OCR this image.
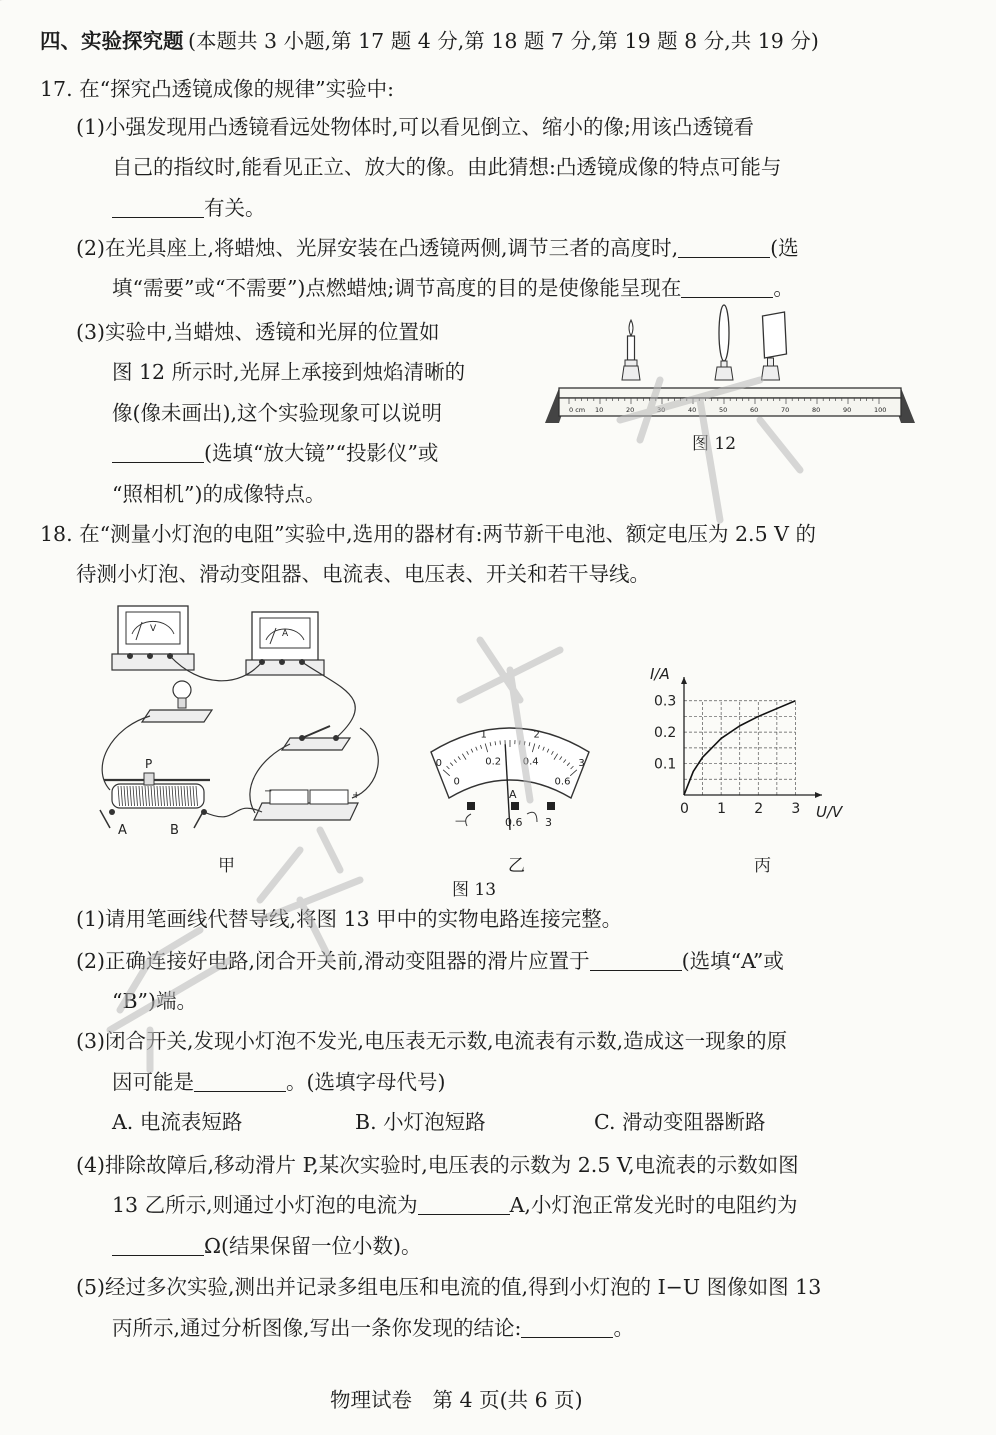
四、实验探究题 (本题共 3 小题,第 17 题 4 分,第 18 题 7 分,第 19 题 8 分,共 19 分)
17. 在“探究凸透镜成像的规律”实验中:
(1)小强发现用凸透镜看远处物体时,可以看见倒立、缩小的像;用该凸透镜看
自己的指纹时,能看见正立、放大的像。由此猜想:凸透镜成像的特点可能与
有关。
(2)在光具座上,将蜡烛、光屏安装在凸透镜两侧,调节三者的高度时,	(选
填“需要”或“不需要”)点燃蜡烛;调节高度的目的是使像能呈现在	。
(3)实验中,当蜡烛、透镜和光屏的位置如
图 12 所示时,光屏上承接到烛焰清晰的
像(像未画出),这个实验现象可以说明
(选填“放大镜”“投影仪”或
“照相机”)的成像特点。
0 cm 10	20	30	40	50	60	70	80	90	100
图 12
18. 在“测量小灯泡的电阻”实验中,选用的器材有:两节新干电池、额定电压为 2.5 V 的
待测小灯泡、滑动变阻器、电流表、电压表、开关和若干导线。
V	A
−	+
P
A	B
0
1	2
3
0
0.2 0.4
0.6
—	0.6 3
A
0 1 2 3
0.1
0.2
0.3
U/V
I/A
甲	乙	丙
图 13
(1)请用笔画线代替导线,将图 13 甲中的实物电路连接完整。
(2)正确连接好电路,闭合开关前,滑动变阻器的滑片应置于	(选填“A”或
“B”)端。
(3)闭合开关,发现小灯泡不发光,电压表无示数,电流表有示数,造成这一现象的原
因可能是	。(选填字母代号)
A. 电流表短路	B. 小灯泡短路	C. 滑动变阻器断路
(4)排除故障后,移动滑片 P,某次实验时,电压表的示数为 2.5 V,电流表的示数如图
13 乙所示,则通过小灯泡的电流为	A,小灯泡正常发光时的电阻约为
Ω(结果保留一位小数)。
(5)经过多次实验,测出并记录多组电压和电流的值,得到小灯泡的 I−U 图像如图 13
丙所示,通过分析图像,写出一条你发现的结论:	。
物理试卷　第 4 页(共 6 页)
安徽中考
